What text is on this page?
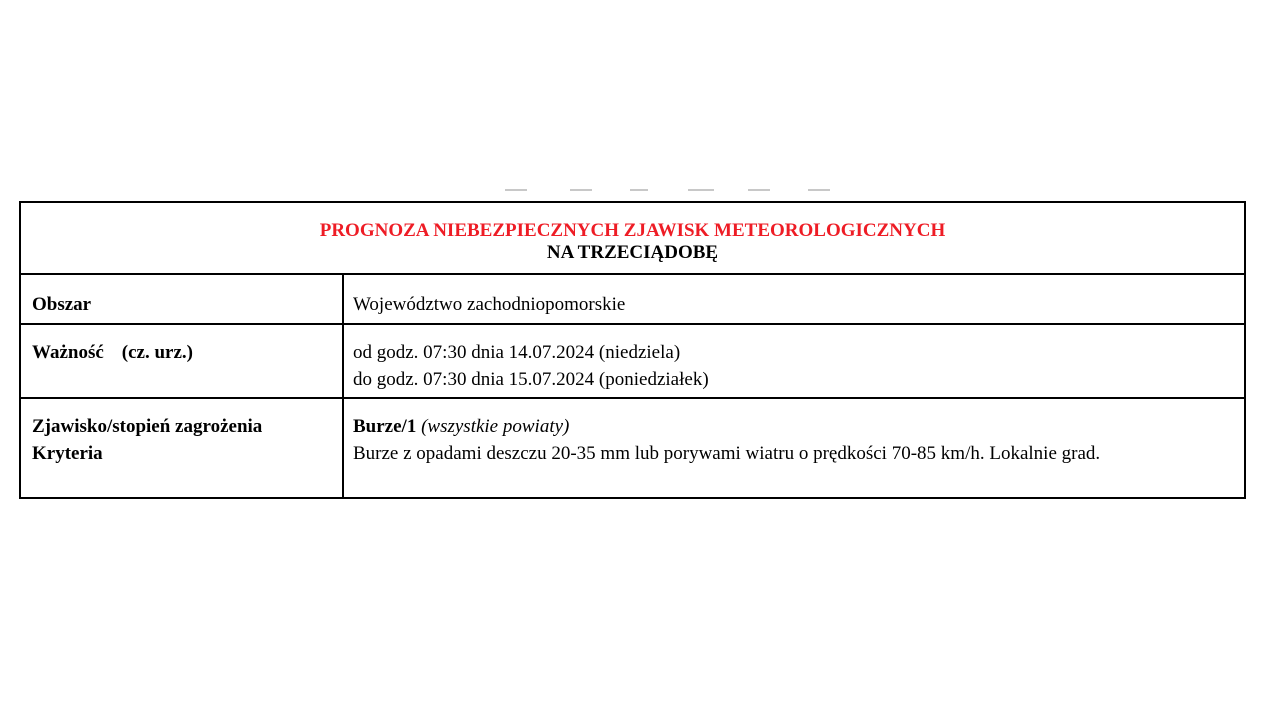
PROGNOZA NIEBEZPIECZNYCH ZJAWISK METEOROLOGICZNYCH
NA TRZECIĄDOBĘ
Obszar	Województwo zachodniopomorskie
Ważność (cz. urz.)	od godz. 07:30 dnia 14.07.2024 (niedziela)
do godz. 07:30 dnia 15.07.2024 (poniedziałek)
Zjawisko/stopień zagrożenia
Kryteria
Burze/1 (wszystkie powiaty)
Burze z opadami deszczu 20-35 mm lub porywami wiatru o prędkości 70-85 km/h. Lokalnie grad.
